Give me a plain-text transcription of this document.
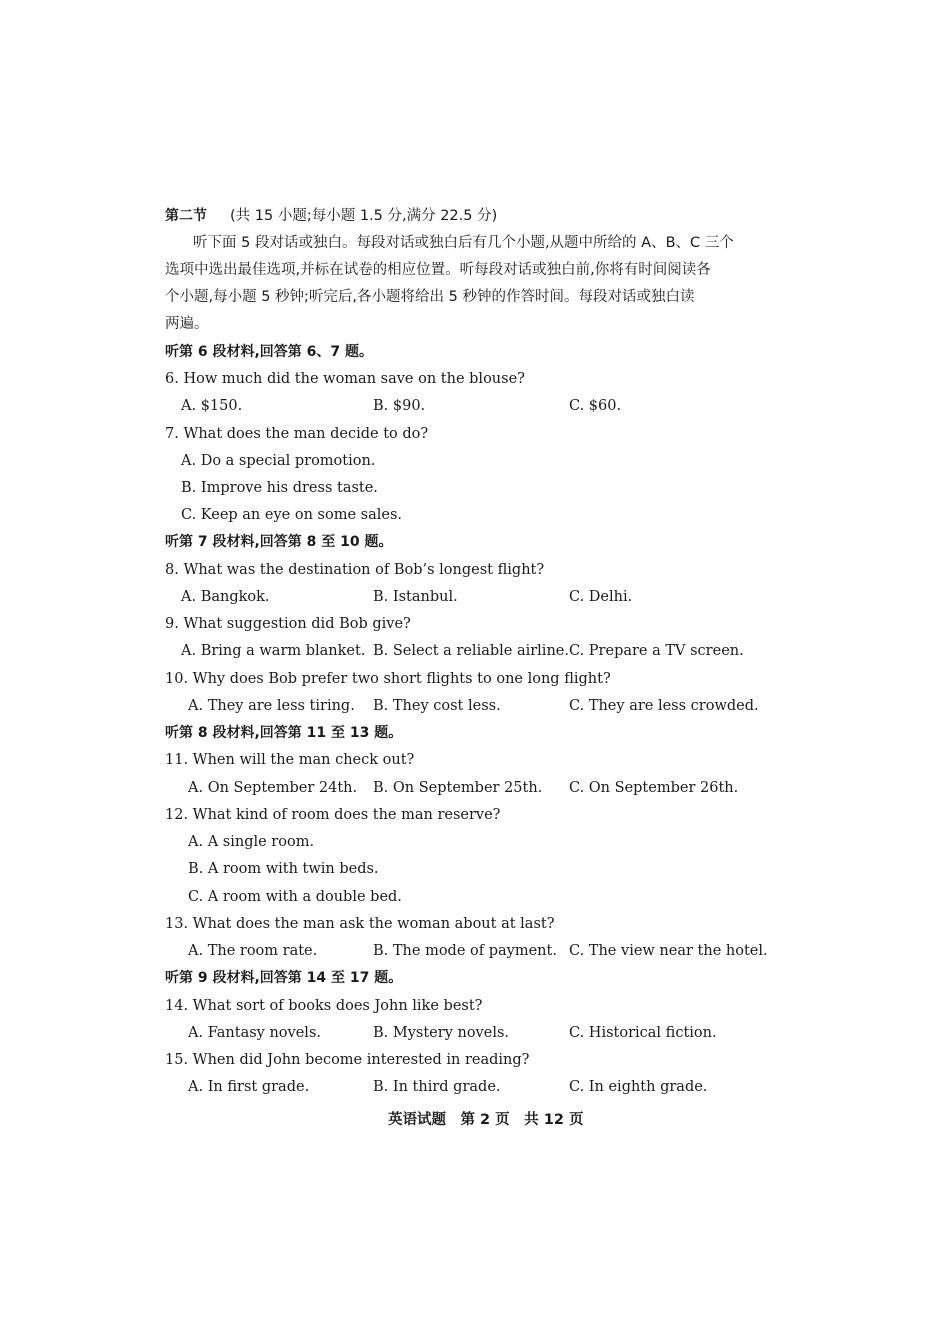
第二节 (共 15 小题;每小题 1.5 分,满分 22.5 分)
听下面 5 段对话或独白。每段对话或独白后有几个小题,从题中所给的 A、B、C 三个
选项中选出最佳选项,并标在试卷的相应位置。听每段对话或独白前,你将有时间阅读各
个小题,每小题 5 秒钟;听完后,各小题将给出 5 秒钟的作答时间。每段对话或独白读
两遍。
听第 6 段材料,回答第 6、7 题。
6. How much did the woman save on the blouse?
A. $150.	B. $90.	C. $60.
7. What does the man decide to do?
A. Do a special promotion.
B. Improve his dress taste.
C. Keep an eye on some sales.
听第 7 段材料,回答第 8 至 10 题。
8. What was the destination of Bob’s longest flight?
A. Bangkok.	B. Istanbul.	C. Delhi.
9. What suggestion did Bob give?
A. Bring a warm blanket. B. Select a reliable airline. C. Prepare a TV screen.
10. Why does Bob prefer two short flights to one long flight?
A. They are less tiring. B. They cost less.	C. They are less crowded.
听第 8 段材料,回答第 11 至 13 题。
11. When will the man check out?
A. On September 24th. B. On September 25th. C. On September 26th.
12. What kind of room does the man reserve?
A. A single room.
B. A room with twin beds.
C. A room with a double bed.
13. What does the man ask the woman about at last?
A. The room rate.	B. The mode of payment. C. The view near the hotel.
听第 9 段材料,回答第 14 至 17 题。
14. What sort of books does John like best?
A. Fantasy novels.	B. Mystery novels.	C. Historical fiction.
15. When did John become interested in reading?
A. In first grade.	B. In third grade.	C. In eighth grade.
英语试题　第 2 页　共 12 页
